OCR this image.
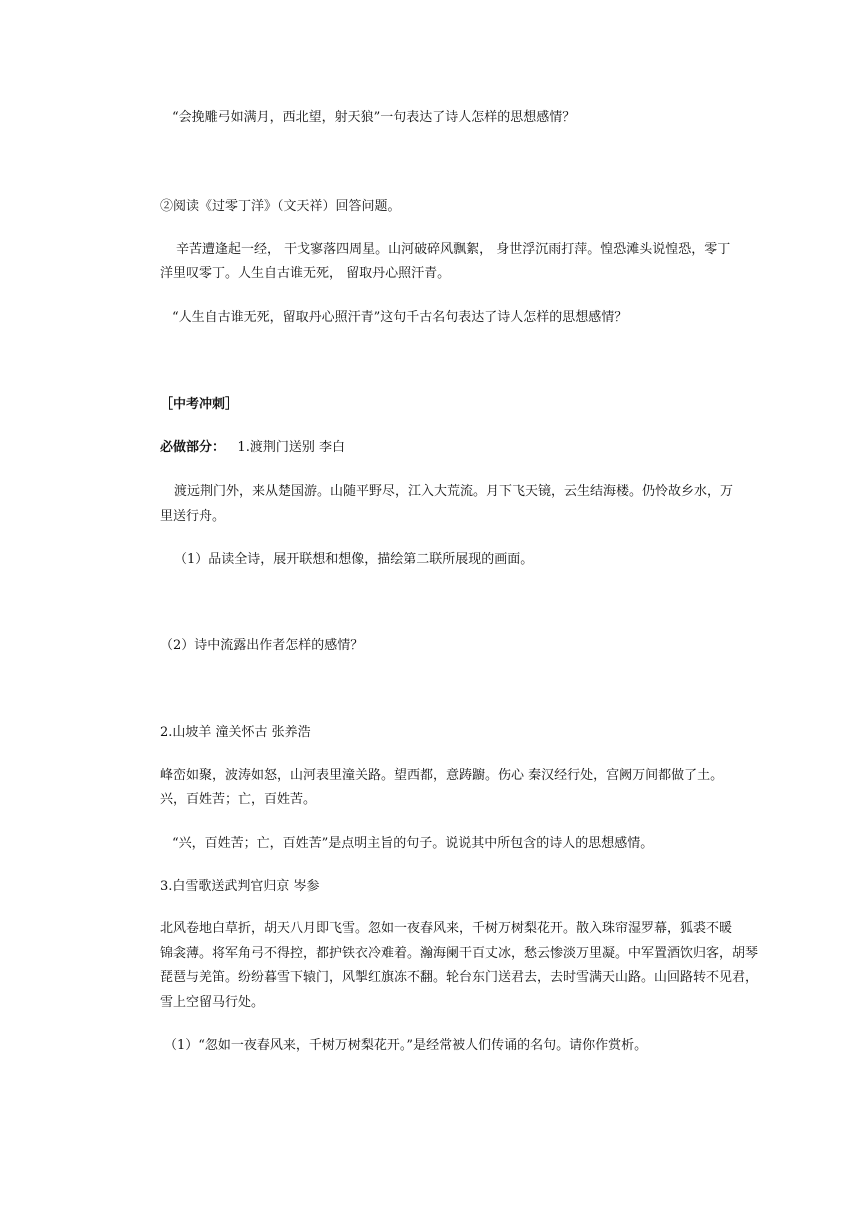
“会挽雕弓如满月，西北望，射天狼”一句表达了诗人怎样的思想感情？
②阅读《过零丁洋》（文天祥）回答问题。
辛苦遭逢起一经， 干戈寥落四周星。山河破碎风飘絮， 身世浮沉雨打萍。惶恐滩头说惶恐，零丁
洋里叹零丁。人生自古谁无死， 留取丹心照汗青。
“人生自古谁无死，留取丹心照汗青”这句千古名句表达了诗人怎样的思想感情？
［中考冲刺］
必做部分： 1.渡荆门送别 李白
渡远荆门外，来从楚国游。山随平野尽，江入大荒流。月下飞天镜，云生结海楼。仍怜故乡水，万
里送行舟。
（1）品读全诗，展开联想和想像，描绘第二联所展现的画面。
（2）诗中流露出作者怎样的感情？
2.山坡羊 潼关怀古 张养浩
峰峦如聚，波涛如怒，山河表里潼关路。望西都，意踌躕。伤心 秦汉经行处，宫阙万间都做了土。
兴，百姓苦；亡，百姓苦。
“兴，百姓苦；亡，百姓苦”是点明主旨的句子。说说其中所包含的诗人的思想感情。
3.白雪歌送武判官归京 岑参
北风卷地白草折，胡天八月即飞雪。忽如一夜春风来，千树万树梨花开。散入珠帘湿罗幕，狐裘不暖
锦衾薄。将军角弓不得控，都护铁衣冷难着。瀚海阑干百丈冰，愁云惨淡万里凝。中军置酒饮归客，胡琴
琵琶与羌笛。纷纷暮雪下辕门，风掣红旗冻不翻。轮台东门送君去，去时雪满天山路。山回路转不见君，
雪上空留马行处。
（1）“忽如一夜春风来，千树万树梨花开。”是经常被人们传诵的名句。请你作赏析。
